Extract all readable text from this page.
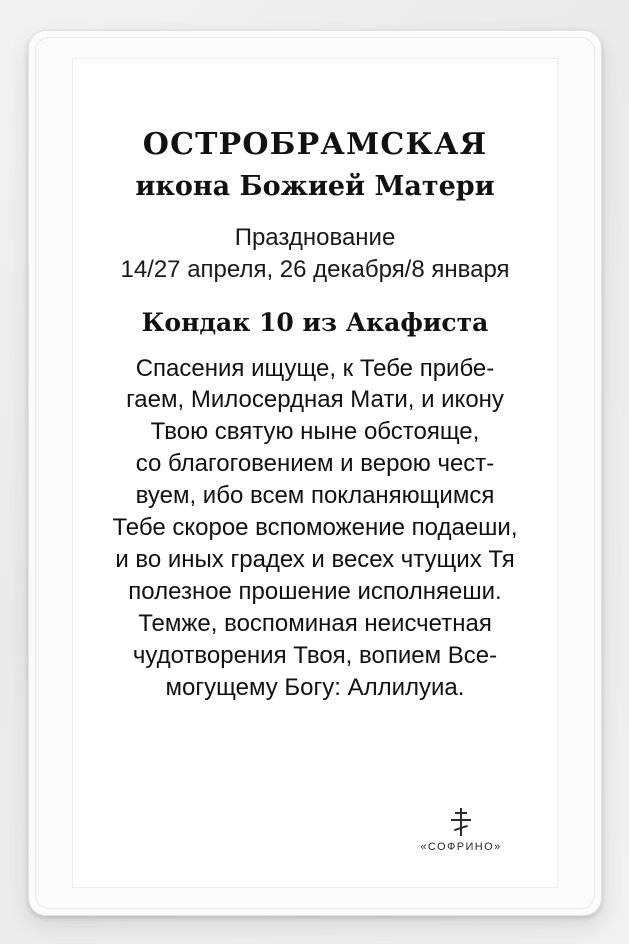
ОСТРОБРАМСКАЯ
икона Божией Матери
Празднование
14/27 апреля, 26 декабря/8 января
Кондак 10 из Акафиста
Спасения ищуще, к Тебе прибе-
гаем, Милосердная Мати, и икону
Твою святую ныне обстояще,
со благоговением и верою чест-
вуем, ибо всем покланяющимся
Тебе скорое вспоможение подаеши,
и во иных градех и весех чтущих Тя
полезное прошение исполняеши.
Темже, воспоминая неисчетная
чудотворения Твоя, вопием Все-
могущему Богу: Аллилуиа.
«СОФРИНО»
